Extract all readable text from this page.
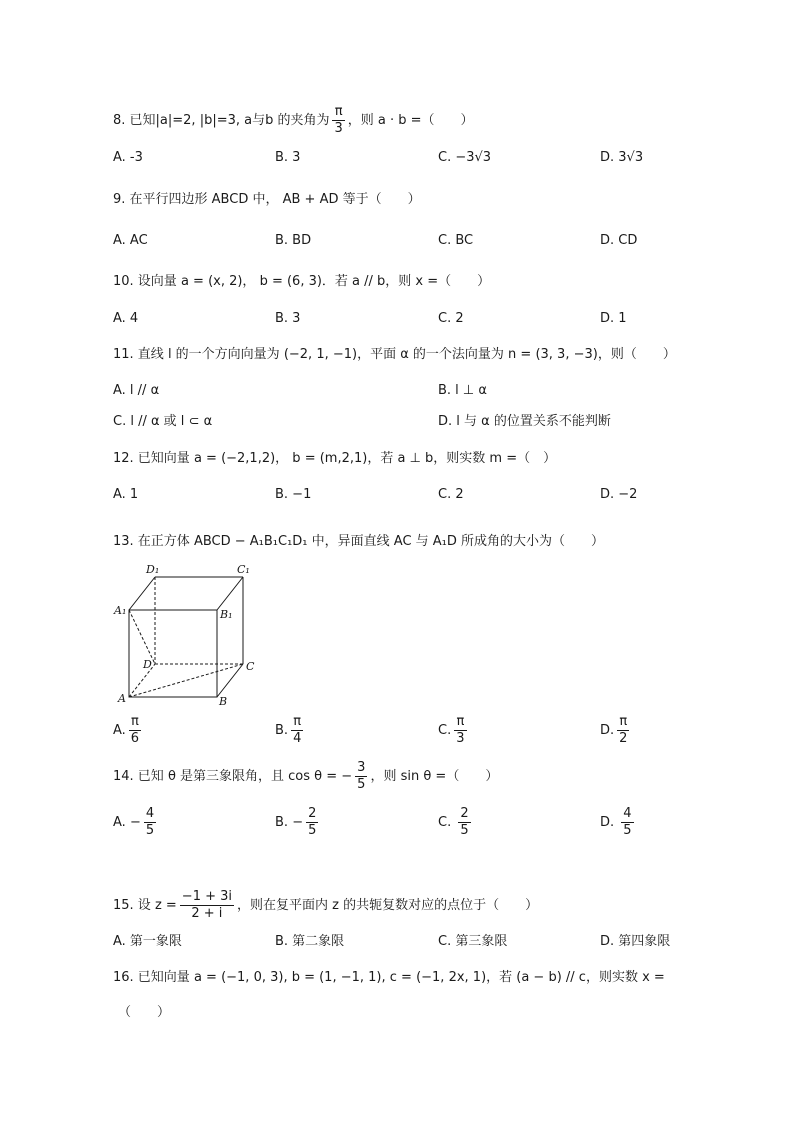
8. 已知|a|=2, |b|=3, a与b 的夹角为 $\frac{\pi}{3}$ ，则 a · b =（　　）
A. -3	B. 3	C. −3√3	D. 3√3
9. 在平行四边形 ABCD 中， AB + AD 等于（　　）
A. AC	B. BD	C. BC	D. CD
10. 设向量 a = (x, 2)， b = (6, 3)．若 a // b，则 x =（　　）
A. 4	B. 3	C. 2	D. 1
11. 直线 l 的一个方向向量为 (−2, 1, −1)，平面 α 的一个法向量为 n = (3, 3, −3)，则（　　）
A. l // α	B. l ⊥ α
C. l // α 或 l ⊂ α	D. l 与 α 的位置关系不能判断
12. 已知向量 a = (−2,1,2)， b = (m,2,1)，若 a ⊥ b，则实数 m =（　）
A. 1	B. −1	C. 2	D. −2
13. 在正方体 ABCD − A₁B₁C₁D₁ 中，异面直线 AC 与 A₁D 所成角的大小为（　　）
D₁	C₁
A₁	B₁
D	C
A	B
A. $\frac{\pi}{6}$	B. $\frac{\pi}{4}$	C. $\frac{\pi}{3}$	D. $\frac{\pi}{2}$
14. 已知 θ 是第三象限角，且 cos θ = − $\frac{3}{5}$ ，则 sin θ =（　　）
A. − $\frac{4}{5}$	B. − $\frac{2}{5}$	C. $\frac{2}{5}$	D. $\frac{4}{5}$
15. 设 $z = \frac{-1 + 3i}{2 + i}$ ，则在复平面内 z 的共轭复数对应的点位于（　　）
A. 第一象限	B. 第二象限	C. 第三象限	D. 第四象限
16. 已知向量 a = (−1, 0, 3), b = (1, −1, 1), c = (−1, 2x, 1)，若 (a − b) // c，则实数 x =
（　　）
